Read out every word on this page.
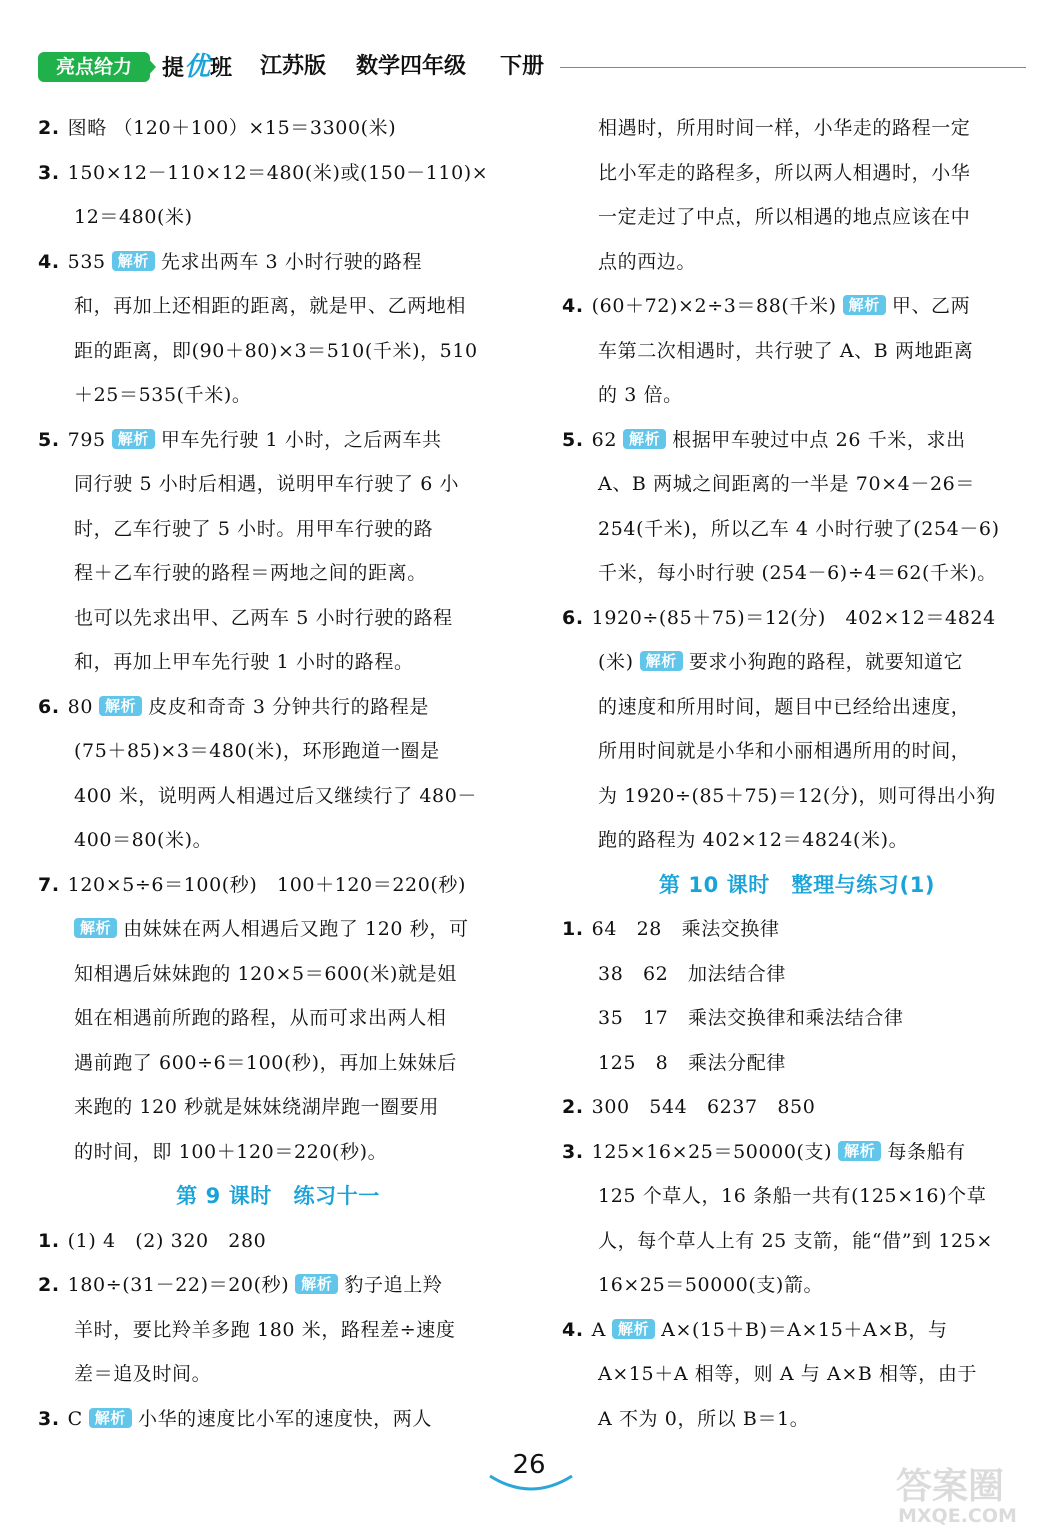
亮点给力	提优班 江苏版 数学四年级 下册
2. 图略 （120＋100）×15＝3300(米)
3. 150×12－110×12＝480(米)或(150－110)×
12＝480(米)
4. 535 解析 先求出两车 3 小时行驶的路程
和，再加上还相距的距离，就是甲、乙两地相
距的距离，即(90＋80)×3＝510(千米)，510
＋25＝535(千米)。
5. 795 解析 甲车先行驶 1 小时，之后两车共
同行驶 5 小时后相遇，说明甲车行驶了 6 小
时，乙车行驶了 5 小时。用甲车行驶的路
程＋乙车行驶的路程＝两地之间的距离。
也可以先求出甲、乙两车 5 小时行驶的路程
和，再加上甲车先行驶 1 小时的路程。
6. 80 解析 皮皮和奇奇 3 分钟共行的路程是
(75＋85)×3＝480(米)，环形跑道一圈是
400 米，说明两人相遇过后又继续行了 480－
400＝80(米)。
7. 120×5÷6＝100(秒)　100＋120＝220(秒)
解析 由妹妹在两人相遇后又跑了 120 秒，可
知相遇后妹妹跑的 120×5＝600(米)就是姐
姐在相遇前所跑的路程，从而可求出两人相
遇前跑了 600÷6＝100(秒)，再加上妹妹后
来跑的 120 秒就是妹妹绕湖岸跑一圈要用
的时间，即 100＋120＝220(秒)。
第 9 课时　练习十一
1. (1) 4　(2) 320　280
2. 180÷(31－22)＝20(秒) 解析 豹子追上羚
羊时，要比羚羊多跑 180 米，路程差÷速度
差＝追及时间。
3. C 解析 小华的速度比小军的速度快，两人
相遇时，所用时间一样，小华走的路程一定
比小军走的路程多，所以两人相遇时，小华
一定走过了中点，所以相遇的地点应该在中
点的西边。
4. (60＋72)×2÷3＝88(千米) 解析 甲、乙两
车第二次相遇时，共行驶了 A、B 两地距离
的 3 倍。
5. 62 解析 根据甲车驶过中点 26 千米，求出
A、B 两城之间距离的一半是 70×4－26＝
254(千米)，所以乙车 4 小时行驶了(254－6)
千米，每小时行驶 (254－6)÷4＝62(千米)。
6. 1920÷(85＋75)＝12(分)　402×12＝4824
(米) 解析 要求小狗跑的路程，就要知道它
的速度和所用时间，题目中已经给出速度，
所用时间就是小华和小丽相遇所用的时间，
为 1920÷(85＋75)＝12(分)，则可得出小狗
跑的路程为 402×12＝4824(米)。
第 10 课时　整理与练习(1)
1. 64　28　乘法交换律
38　62　加法结合律
35　17　乘法交换律和乘法结合律
125　8　乘法分配律
2. 300　544　6237　850
3. 125×16×25＝50000(支) 解析 每条船有
125 个草人，16 条船一共有(125×16)个草
人，每个草人上有 25 支箭，能“借”到 125×
16×25＝50000(支)箭。
4. A 解析 A×(15＋B)＝A×15＋A×B，与
A×15＋A 相等，则 A 与 A×B 相等，由于
A 不为 0，所以 B＝1。
26
答案圈
MXQE.COM
